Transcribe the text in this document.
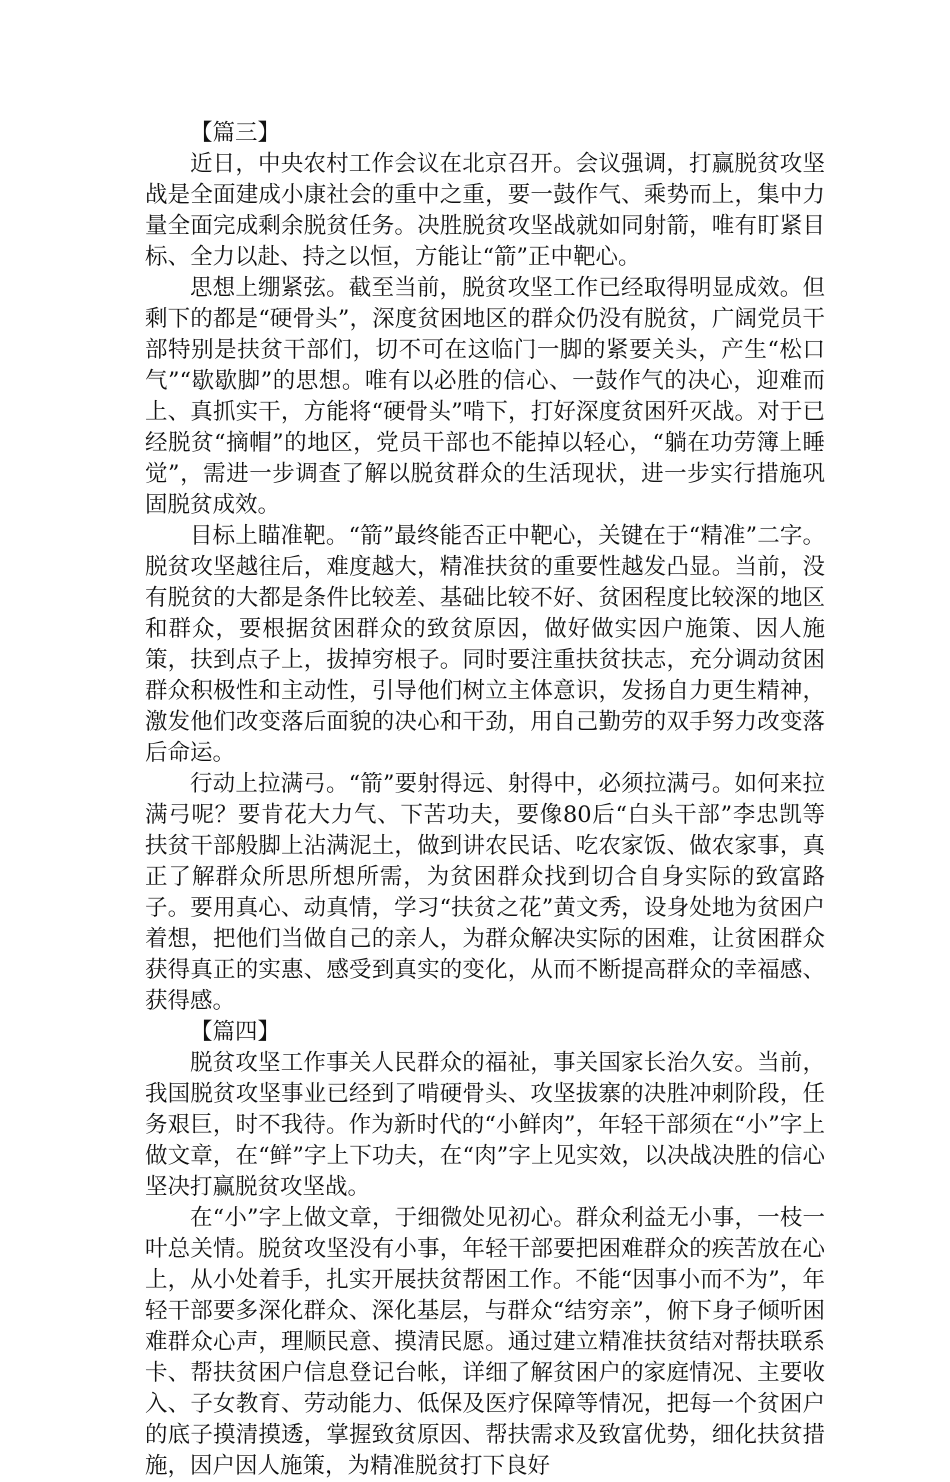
【篇三】

近日，中央农村工作会议在北京召开。会议强调，打赢脱贫攻坚战是全面建成小康社会的重中之重，要一鼓作气、乘势而上，集中力量全面完成剩余脱贫任务。决胜脱贫攻坚战就如同射箭，唯有盯紧目标、全力以赴、持之以恒，方能让“箭”正中靶心。

思想上绷紧弦。截至当前，脱贫攻坚工作已经取得明显成效。但剩下的都是“硬骨头”，深度贫困地区的群众仍没有脱贫，广阔党员干部特别是扶贫干部们，切不可在这临门一脚的紧要关头，产生“松口气”“歇歇脚”的思想。唯有以必胜的信心、一鼓作气的决心，迎难而上、真抓实干，方能将“硬骨头”啃下，打好深度贫困歼灭战。对于已经脱贫“摘帽”的地区，党员干部也不能掉以轻心，“躺在功劳簿上睡觉”，需进一步调查了解以脱贫群众的生活现状，进一步实行措施巩固脱贫成效。

目标上瞄准靶。“箭”最终能否正中靶心，关键在于“精准”二字。脱贫攻坚越往后，难度越大，精准扶贫的重要性越发凸显。当前，没有脱贫的大都是条件比较差、基础比较不好、贫困程度比较深的地区和群众，要根据贫困群众的致贫原因，做好做实因户施策、因人施策，扶到点子上，拔掉穷根子。同时要注重扶贫扶志，充分调动贫困群众积极性和主动性，引导他们树立主体意识，发扬自力更生精神，激发他们改变落后面貌的决心和干劲，用自己勤劳的双手努力改变落后命运。

行动上拉满弓。“箭”要射得远、射得中，必须拉满弓。如何来拉满弓呢？要肯花大力气、下苦功夫，要像80后“白头干部”李忠凯等扶贫干部般脚上沾满泥土，做到讲农民话、吃农家饭、做农家事，真正了解群众所思所想所需，为贫困群众找到切合自身实际的致富路子。要用真心、动真情，学习“扶贫之花”黄文秀，设身处地为贫困户着想，把他们当做自己的亲人，为群众解决实际的困难，让贫困群众获得真正的实惠、感受到真实的变化，从而不断提高群众的幸福感、获得感。

【篇四】

脱贫攻坚工作事关人民群众的福祉，事关国家长治久安。当前，我国脱贫攻坚事业已经到了啃硬骨头、攻坚拔寨的决胜冲刺阶段，任务艰巨，时不我待。作为新时代的“小鲜肉”，年轻干部须在“小”字上做文章，在“鲜”字上下功夫，在“肉”字上见实效，以决战决胜的信心坚决打赢脱贫攻坚战。

在“小”字上做文章，于细微处见初心。群众利益无小事，一枝一叶总关情。脱贫攻坚没有小事，年轻干部要把困难群众的疾苦放在心上，从小处着手，扎实开展扶贫帮困工作。不能“因事小而不为”，年轻干部要多深化群众、深化基层，与群众“结穷亲”，俯下身子倾听困难群众心声，理顺民意、摸清民愿。通过建立精准扶贫结对帮扶联系卡、帮扶贫困户信息登记台帐，详细了解贫困户的家庭情况、主要收入、子女教育、劳动能力、低保及医疗保障等情况，把每一个贫困户的底子摸清摸透，掌握致贫原因、帮扶需求及致富优势，细化扶贫措施，因户因人施策，为精准脱贫打下良好
